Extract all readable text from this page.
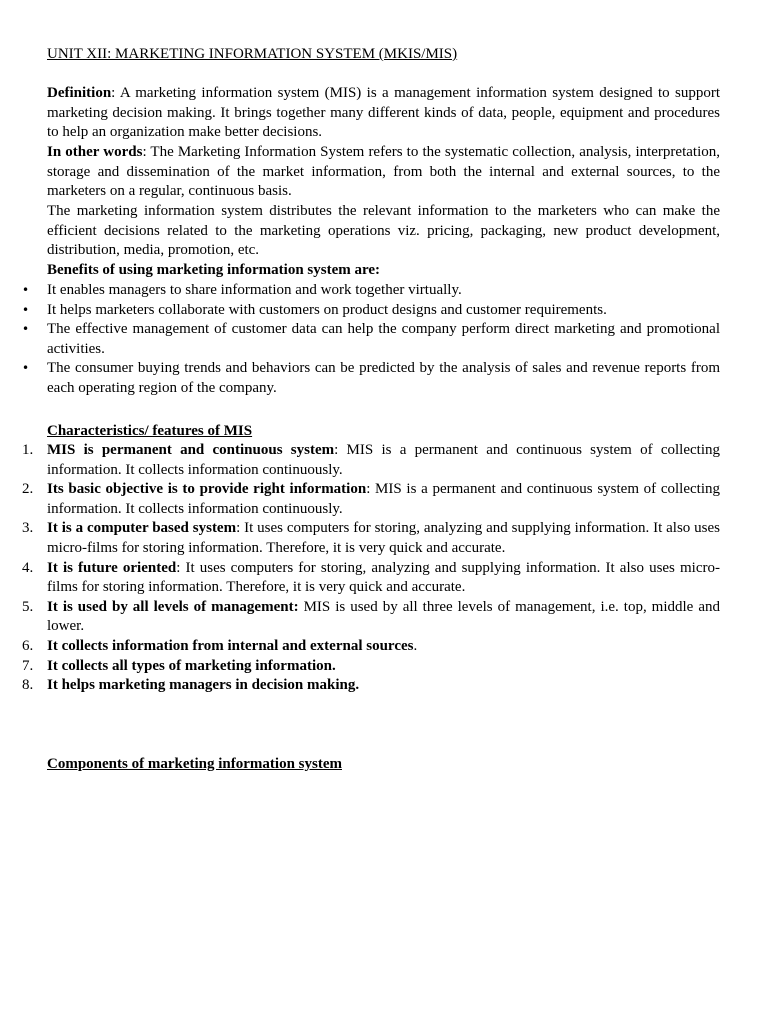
UNIT XII: MARKETING INFORMATION SYSTEM (MKIS/MIS)

Definition: A marketing information system (MIS) is a management information system designed to support marketing decision making. It brings together many different kinds of data, people, equipment and procedures to help an organization make better decisions.

In other words: The Marketing Information System refers to the systematic collection, analysis, interpretation, storage and dissemination of the market information, from both the internal and external sources, to the marketers on a regular, continuous basis.

The marketing information system distributes the relevant information to the marketers who can make the efficient decisions related to the marketing operations viz. pricing, packaging, new product development, distribution, media, promotion, etc.

Benefits of using marketing information system are:

• It enables managers to share information and work together virtually.
• It helps marketers collaborate with customers on product designs and customer requirements.
• The effective management of customer data can help the company perform direct marketing and promotional activities.
• The consumer buying trends and behaviors can be predicted by the analysis of sales and revenue reports from each operating region of the company.

Characteristics/ features of MIS

1. MIS is permanent and continuous system: MIS is a permanent and continuous system of collecting information. It collects information continuously.
2. Its basic objective is to provide right information: MIS is a permanent and continuous system of collecting information. It collects information continuously.
3. It is a computer based system: It uses computers for storing, analyzing and supplying information. It also uses micro-films for storing information. Therefore, it is very quick and accurate.
4. It is future oriented: It uses computers for storing, analyzing and supplying information. It also uses micro-films for storing information. Therefore, it is very quick and accurate.
5. It is used by all levels of management: MIS is used by all three levels of management, i.e. top, middle and lower.
6. It collects information from internal and external sources.
7. It collects all types of marketing information.
8. It helps marketing managers in decision making.

Components of marketing information system
